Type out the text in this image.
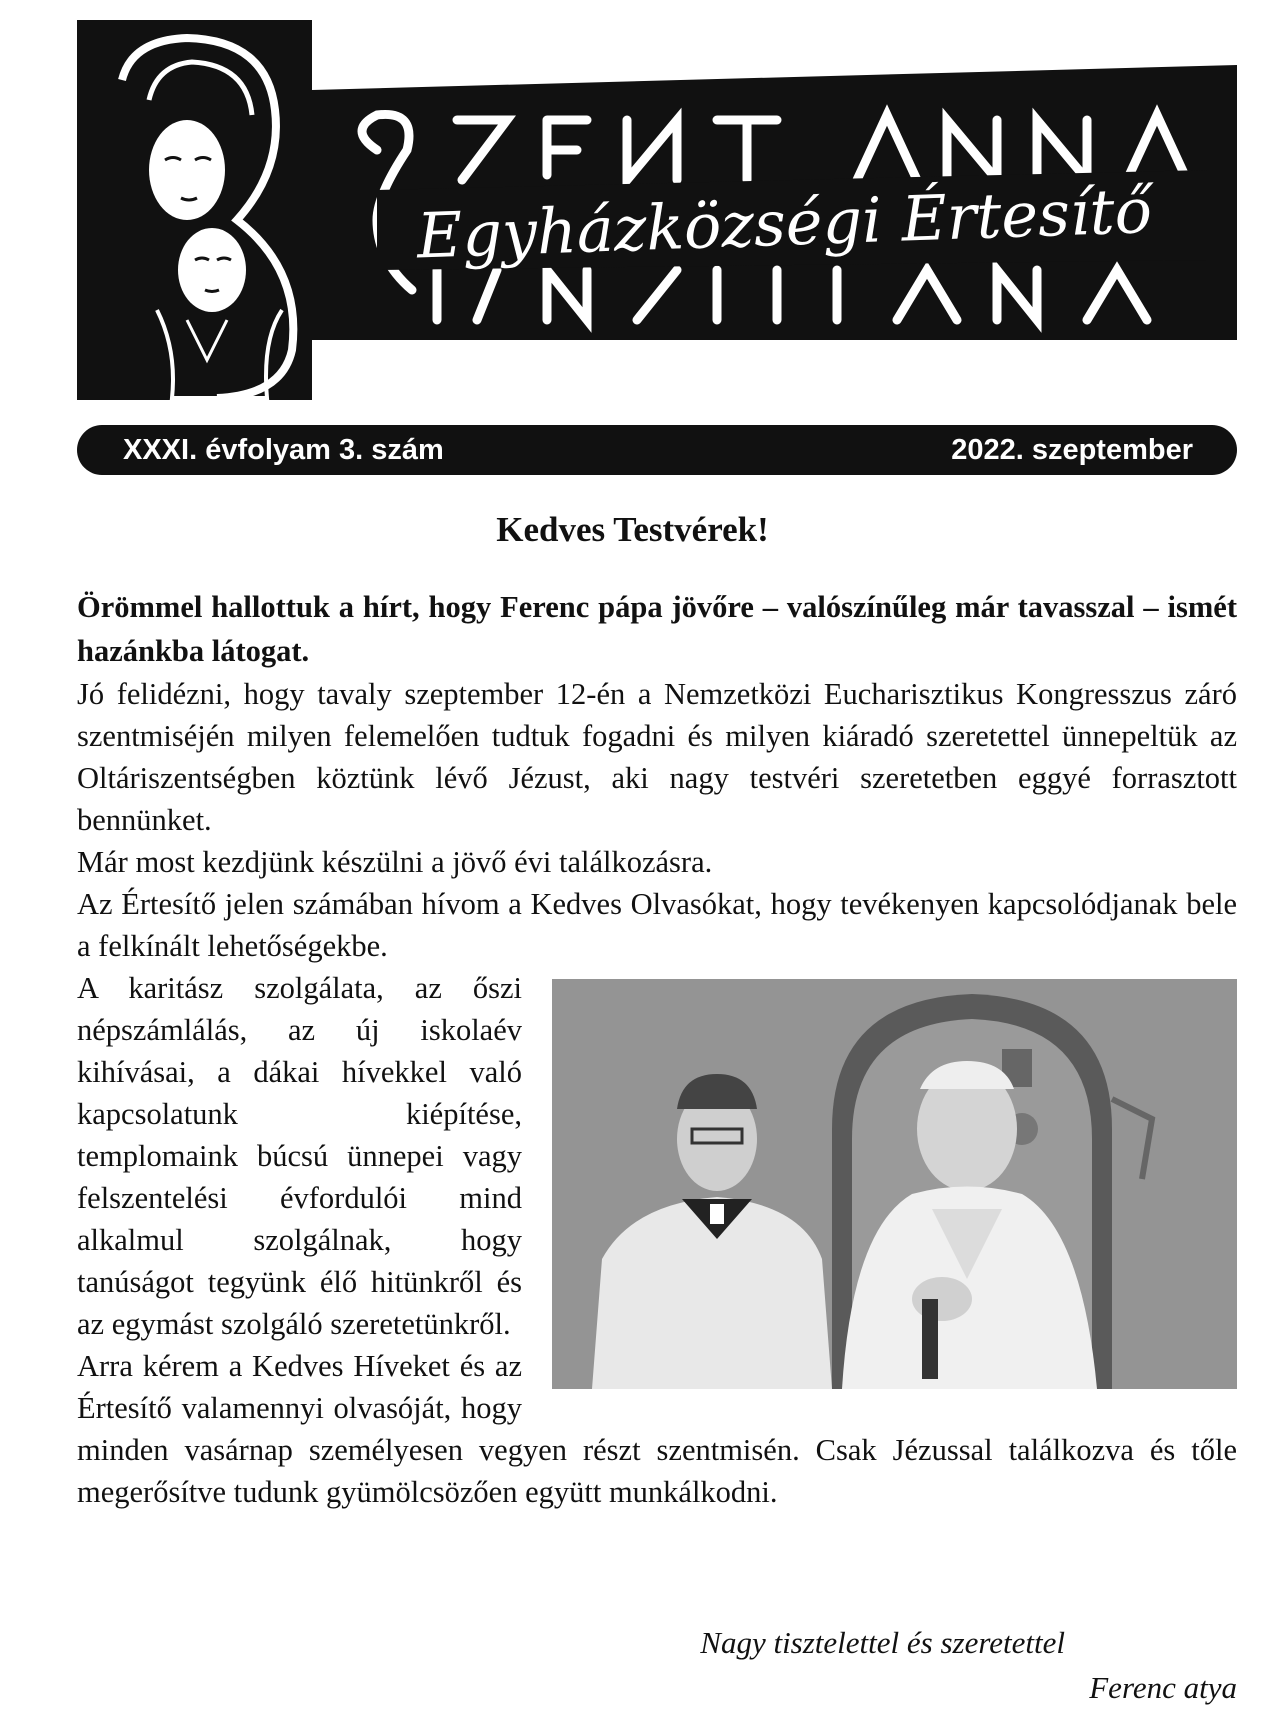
Egyházközségi Értesítő
XXXI. évfolyam 3. szám	2022. szeptember
Kedves Testvérek!

Örömmel hallottuk a hírt, hogy Ferenc pápa jövőre – valószínűleg már tavasszal – ismét hazánkba látogat.

Jó felidézni, hogy tavaly szeptember 12-én a Nemzetközi Eucharisztikus Kongresszus záró szentmiséjén milyen felemelően tudtuk fogadni és milyen kiáradó szeretettel ünnepeltük az Oltáriszentségben köztünk lévő Jézust, aki nagy testvéri szeretetben eggyé forrasztott bennünket.

Már most kezdjünk készülni a jövő évi találkozásra.

Az Értesítő jelen számában hívom a Kedves Olvasókat, hogy tevékenyen kapcsolódjanak bele a felkínált lehetőségekbe.

A karitász szolgálata, az őszi népszámlálás, az új iskolaév kihívásai, a dákai hívekkel való kapcsolatunk kiépítése, templomaink búcsú ünnepei vagy felszentelési évfordulói mind alkalmul szolgálnak, hogy tanúságot tegyünk élő hitünkről és az egymást szolgáló szeretetünkről.

Arra kérem a Kedves Híveket és az Értesítő valamennyi olvasóját, hogy minden vasárnap személyesen vegyen részt szentmisén. Csak Jézussal találkozva és tőle megerősítve tudunk gyümölcsözően együtt munkálkodni.

Nagy tisztelettel és szeretettel
Ferenc atya
